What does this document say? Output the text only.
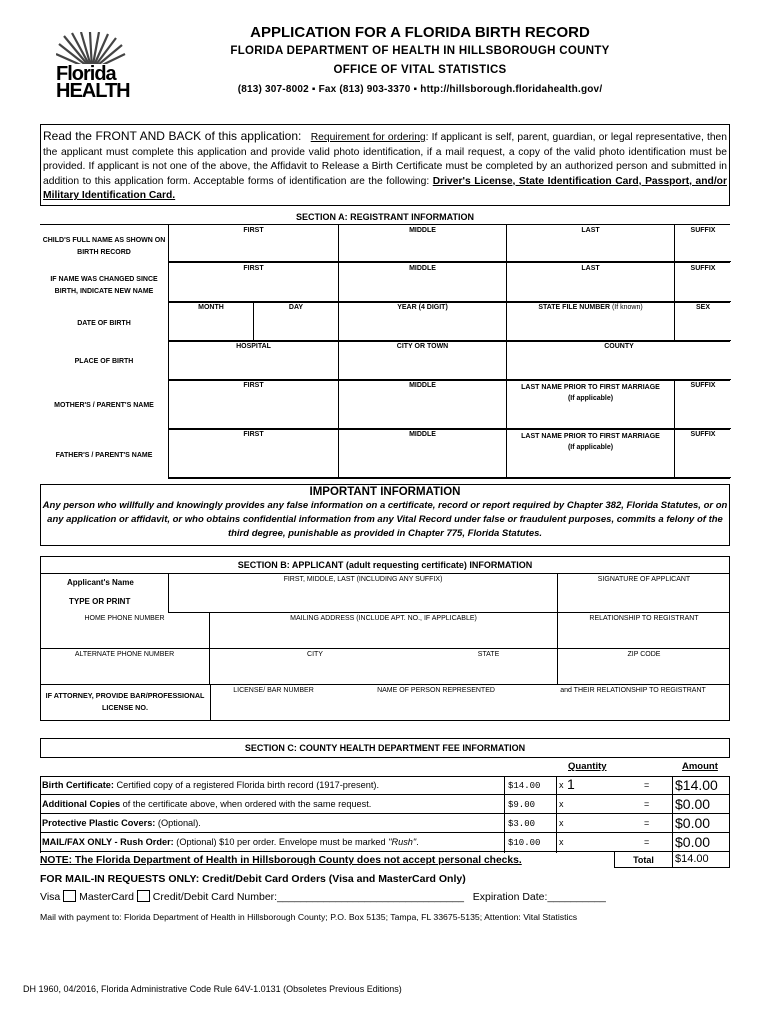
Florida
HEALTH
APPLICATION FOR A FLORIDA BIRTH RECORD
FLORIDA DEPARTMENT OF HEALTH IN HILLSBOROUGH COUNTY
OFFICE OF VITAL STATISTICS
(813) 307-8002 ▪ Fax (813) 903-3370 ▪ http://hillsborough.floridahealth.gov/
Read the FRONT AND BACK of this application: Requirement for ordering: If applicant is self, parent, guardian, or legal representative, then the applicant must complete this application and provide valid photo identification, if a mail request, a copy of the valid photo identification must be provided. If applicant is not one of the above, the Affidavit to Release a Birth Certificate must be completed by an authorized person and submitted in addition to this application form. Acceptable forms of identification are the following: Driver's License, State Identification Card, Passport, and/or Military Identification Card.
SECTION A: REGISTRANT INFORMATION
CHILD'S FULL NAME AS SHOWN ON BIRTH RECORD
FIRST	MIDDLE	LAST	SUFFIX
IF NAME WAS CHANGED SINCE BIRTH, INDICATE NEW NAME
FIRST	MIDDLE	LAST	SUFFIX
DATE OF BIRTH
MONTH	DAY	YEAR (4 DIGIT)	STATE FILE NUMBER (If known)	SEX
PLACE OF BIRTH
HOSPITAL	CITY OR TOWN	COUNTY
MOTHER'S / PARENT'S NAME
FIRST	MIDDLE	LAST NAME PRIOR TO FIRST MARRIAGE
(If applicable)
SUFFIX
FATHER'S / PARENT'S NAME
FIRST	MIDDLE	LAST NAME PRIOR TO FIRST MARRIAGE
(If applicable)
SUFFIX
IMPORTANT INFORMATION
Any person who willfully and knowingly provides any false information on a certificate, record or report required by Chapter 382, Florida Statutes, or on any application or affidavit, or who obtains confidential information from any Vital Record under false or fraudulent purposes, commits a felony of the third degree, punishable as provided in Chapter 775, Florida Statutes.
SECTION B: APPLICANT (adult requesting certificate) INFORMATION
Applicant's Name
TYPE OR PRINT
FIRST, MIDDLE, LAST (INCLUDING ANY SUFFIX)	SIGNATURE OF APPLICANT
HOME PHONE NUMBER	MAILING ADDRESS (INCLUDE APT. NO., IF APPLICABLE)	RELATIONSHIP TO REGISTRANT
ALTERNATE PHONE NUMBER	CITY	STATE	ZIP CODE
IF ATTORNEY, PROVIDE BAR/PROFESSIONAL LICENSE NO.
LICENSE/ BAR NUMBER	NAME OF PERSON REPRESENTED	and THEIR RELATIONSHIP TO REGISTRANT
SECTION C: COUNTY HEALTH DEPARTMENT FEE INFORMATION
Quantity	Amount
Birth Certificate: Certified copy of a registered Florida birth record (1917-present).	$14.00 x 1	= $14.00
Additional Copies of the certificate above, when ordered with the same request.	$9.00	x	= $0.00
Protective Plastic Covers: (Optional).	$3.00	x	= $0.00
MAIL/FAX ONLY - Rush Order: (Optional) $10 per order. Envelope must be marked "Rush".	$10.00 x	= $0.00
Total	$14.00
NOTE: The Florida Department of Health in Hillsborough County does not accept personal checks.
FOR MAIL-IN REQUESTS ONLY: Credit/Debit Card Orders (Visa and MasterCard Only)
Visa MasterCard Credit/Debit Card Number:________________________________ Expiration Date:__________
Mail with payment to: Florida Department of Health in Hillsborough County; P.O. Box 5135; Tampa, FL 33675-5135; Attention: Vital Statistics
DH 1960, 04/2016, Florida Administrative Code Rule 64V-1.0131 (Obsoletes Previous Editions)
